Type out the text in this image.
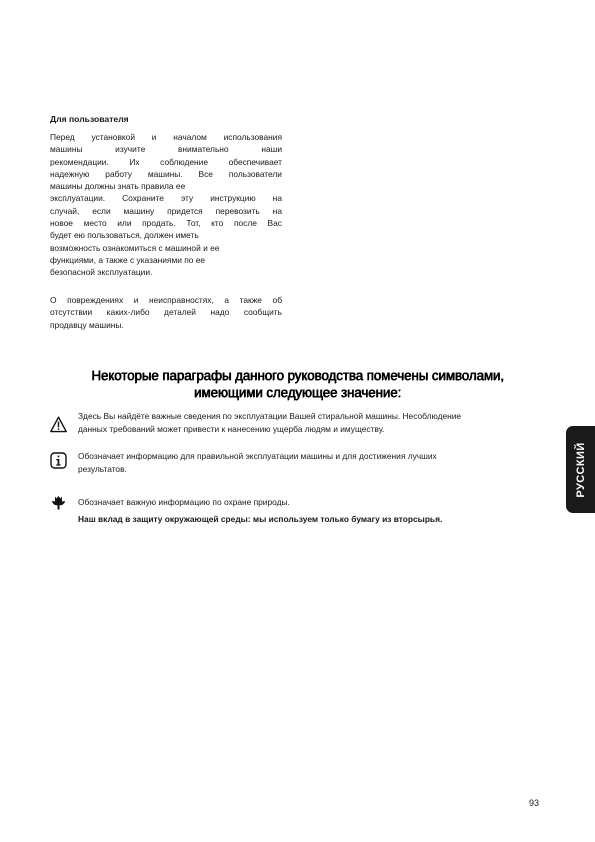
Для пользователя
Перед установкой и началом использования
машины изучите внимательно наши
рекомендации. Их соблюдение обеспечивает
надежную работу машины. Все пользователи
машины должны знать правила ее
эксплуатации. Сохраните эту инструкцию на
случай, если машину придется перевозить на
новое место или продать. Тот, кто после Вас
будет ею пользоваться, должен иметь
возможность ознакомиться с машиной и ее
функциями, а также с указаниями по ее
безопасной эксплуатации.
О повреждениях и неисправностях, а также об
отсутствии каких-либо деталей надо сообщить
продавцу машины.
Некоторые параграфы данного руководства помечены символами,
имеющими следующее значение:
Здесь Вы найдёте важные сведения по эксплуатации Вашей стиральной машины. Несоблюдение
данных требований может привести к нанесению ущерба людям и имуществу.
Обозначает информацию для правильной эксплуатации машины и для достижения лучших
результатов.
Обозначает важную информацию по охране природы.
Наш вклад в защиту окружающей среды: мы используем только бумагу из вторсырья.
РУССКИЙ
93
